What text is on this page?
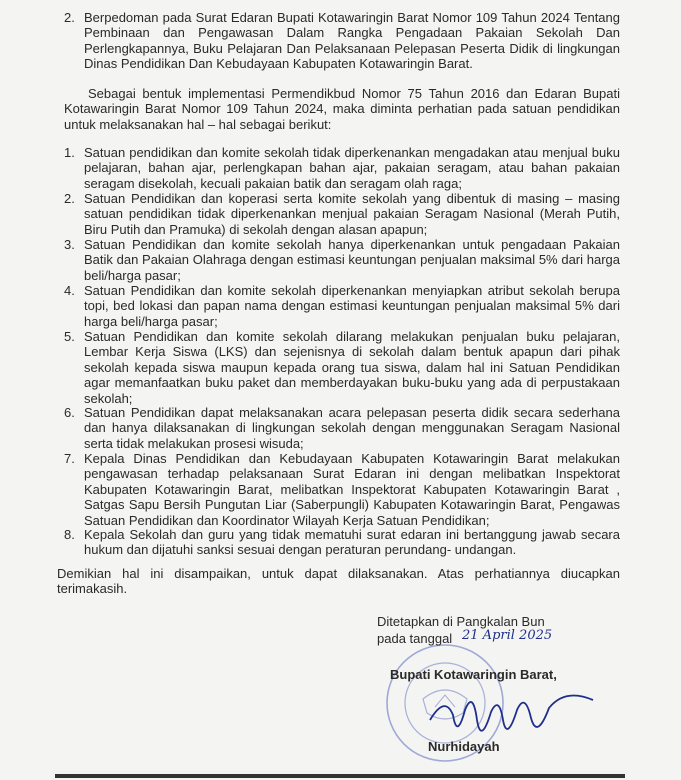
2. Berpedoman pada Surat Edaran Bupati Kotawaringin Barat Nomor 109 Tahun 2024 Tentang Pembinaan dan Pengawasan Dalam Rangka Pengadaan Pakaian Sekolah Dan Perlengkapannya, Buku Pelajaran Dan Pelaksanaan Pelepasan Peserta Didik di lingkungan Dinas Pendidikan Dan Kebudayaan Kabupaten Kotawaringin Barat.
Sebagai bentuk implementasi Permendikbud Nomor 75 Tahun 2016 dan Edaran Bupati Kotawaringin Barat Nomor 109 Tahun 2024, maka diminta perhatian pada satuan pendidikan untuk melaksanakan hal – hal sebagai berikut:
1. Satuan pendidikan dan komite sekolah tidak diperkenankan mengadakan atau menjual buku pelajaran, bahan ajar, perlengkapan bahan ajar, pakaian seragam, atau bahan pakaian seragam disekolah, kecuali pakaian batik dan seragam olah raga;
2. Satuan Pendidikan dan koperasi serta komite sekolah yang dibentuk di masing – masing satuan pendidikan tidak diperkenankan menjual pakaian Seragam Nasional (Merah Putih, Biru Putih dan Pramuka) di sekolah dengan alasan apapun;
3. Satuan Pendidikan dan komite sekolah hanya diperkenankan untuk pengadaan Pakaian Batik dan Pakaian Olahraga dengan estimasi keuntungan penjualan maksimal 5% dari harga beli/harga pasar;
4. Satuan Pendidikan dan komite sekolah diperkenankan menyiapkan atribut sekolah berupa topi, bed lokasi dan papan nama dengan estimasi keuntungan penjualan maksimal 5% dari harga beli/harga pasar;
5. Satuan Pendidikan dan komite sekolah dilarang melakukan penjualan buku pelajaran, Lembar Kerja Siswa (LKS) dan sejenisnya di sekolah dalam bentuk apapun dari pihak sekolah kepada siswa maupun kepada orang tua siswa, dalam hal ini Satuan Pendidikan agar memanfaatkan buku paket dan memberdayakan buku-buku yang ada di perpustakaan sekolah;
6. Satuan Pendidikan dapat melaksanakan acara pelepasan peserta didik secara sederhana dan hanya dilaksanakan di lingkungan sekolah dengan menggunakan Seragam Nasional serta tidak melakukan prosesi wisuda;
7. Kepala Dinas Pendidikan dan Kebudayaan Kabupaten Kotawaringin Barat melakukan pengawasan terhadap pelaksanaan Surat Edaran ini dengan melibatkan Inspektorat Kabupaten Kotawaringin Barat, melibatkan Inspektorat Kabupaten Kotawaringin Barat , Satgas Sapu Bersih Pungutan Liar (Saberpungli) Kabupaten Kotawaringin Barat, Pengawas Satuan Pendidikan dan Koordinator Wilayah Kerja Satuan Pendidikan;
8. Kepala Sekolah dan guru yang tidak mematuhi surat edaran ini bertanggung jawab secara hukum dan dijatuhi sanksi sesuai dengan peraturan perundang- undangan.
Demikian hal ini disampaikan, untuk dapat dilaksanakan. Atas perhatiannya diucapkan terimakasih.
Ditetapkan di Pangkalan Bun
pada tanggal 21 April 2025
Bupati Kotawaringin Barat,
Nurhidayah
